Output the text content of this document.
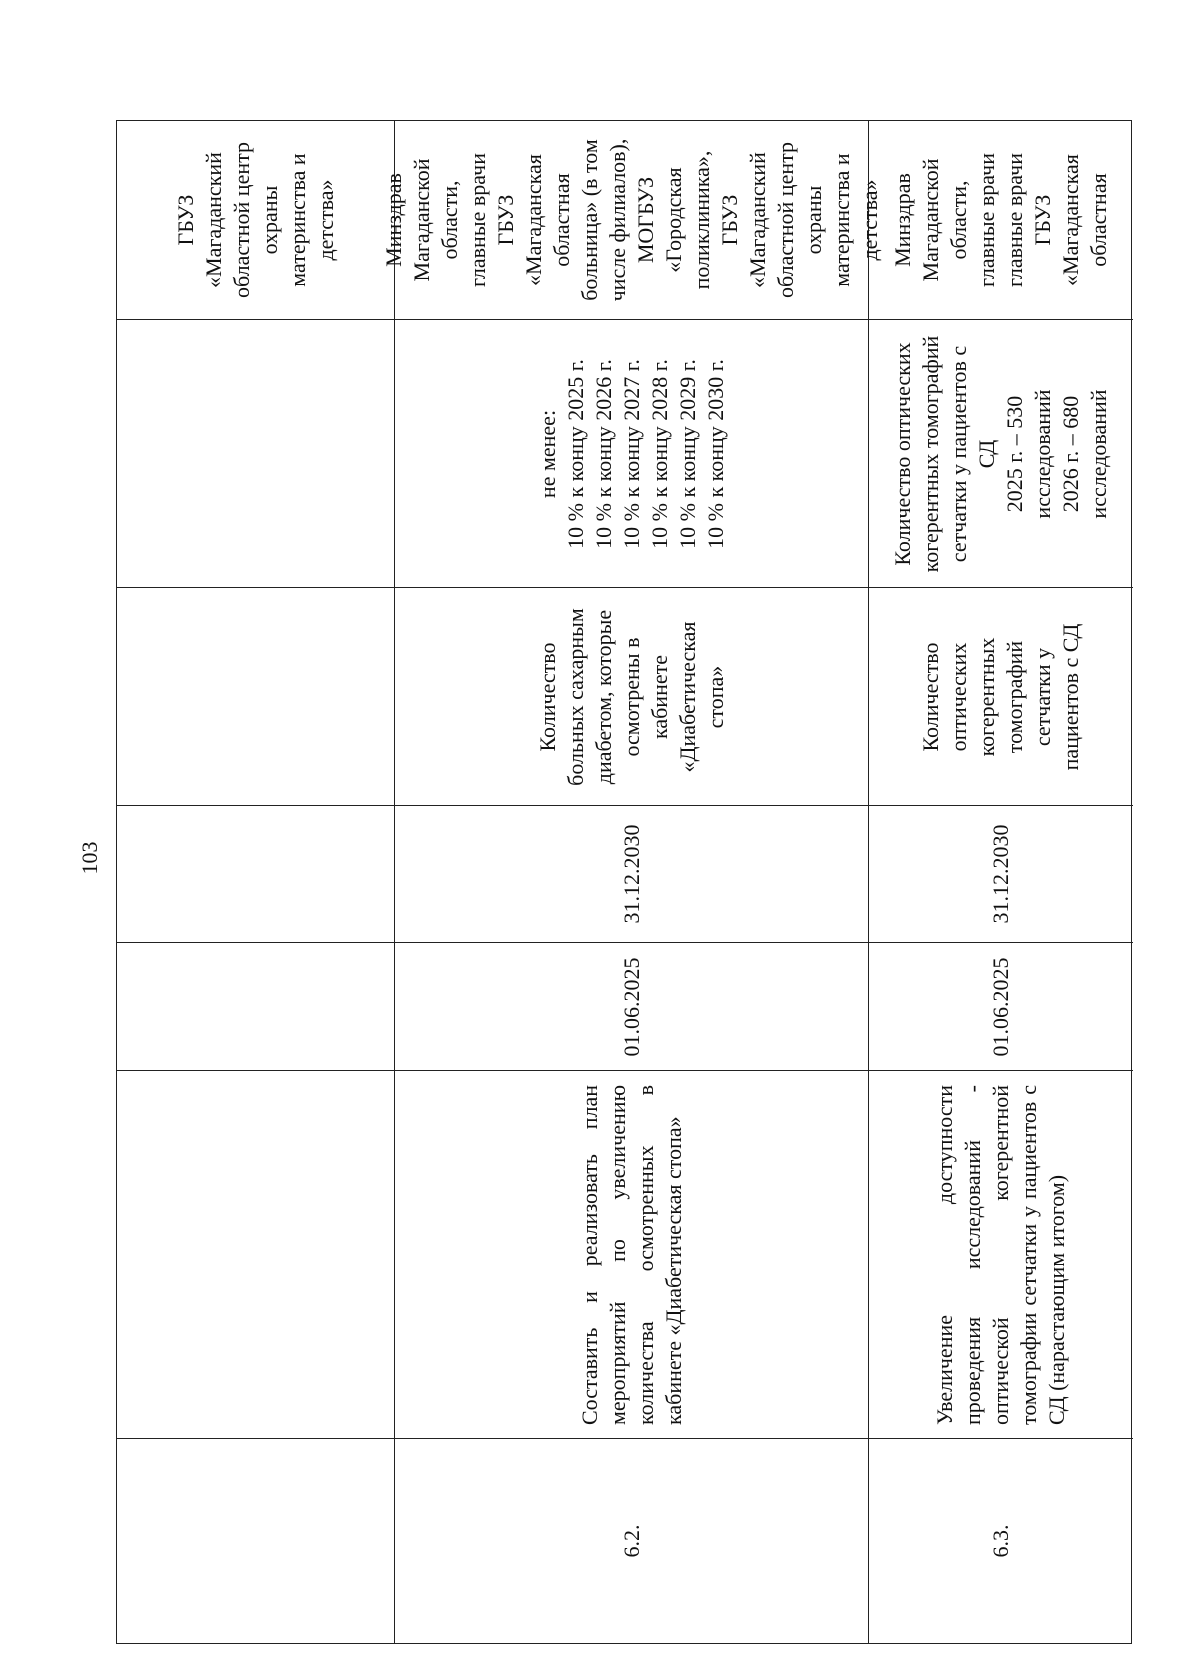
103
ГБУЗ
«Магаданский
областной центр
охраны
материнства и
детства» Минздрав
Магаданской
области,
главные врачи
ГБУЗ
«Магаданская
областная
больница» (в том
числе филиалов),
МОГБУЗ
«Городская
поликлиника»,
ГБУЗ
«Магаданский
областной центр
охраны
материнства и
детства»
не менее:
10 % к концу 2025 г.
10 % к концу 2026 г.
10 % к концу 2027 г.
10 % к концу 2028 г.
10 % к концу 2029 г.
10 % к концу 2030 г.
Количество
больных сахарным
диабетом, которые
осмотрены в
кабинете
«Диабетическая
стопа»
31.12.2030
01.06.2025
Составить и реализовать план мероприятий по увеличению количества осмотренных в кабинете «Диабетическая стопа»
6.2.
Минздрав
Магаданской
области,
главные врачи
главные врачи
ГБУЗ
«Магаданская
областная
Количество оптических
когерентных томографий
сетчатки у пациентов с
СД
2025 г. – 530
исследований
2026 г. – 680
исследований
Количество
оптических
когерентных
томографий
сетчатки у
пациентов с СД
31.12.2030
01.06.2025
Увеличение доступности проведения исследований - оптической когерентной томографии сетчатки у пациентов с СД (нарастающим итогом)
6.3.
